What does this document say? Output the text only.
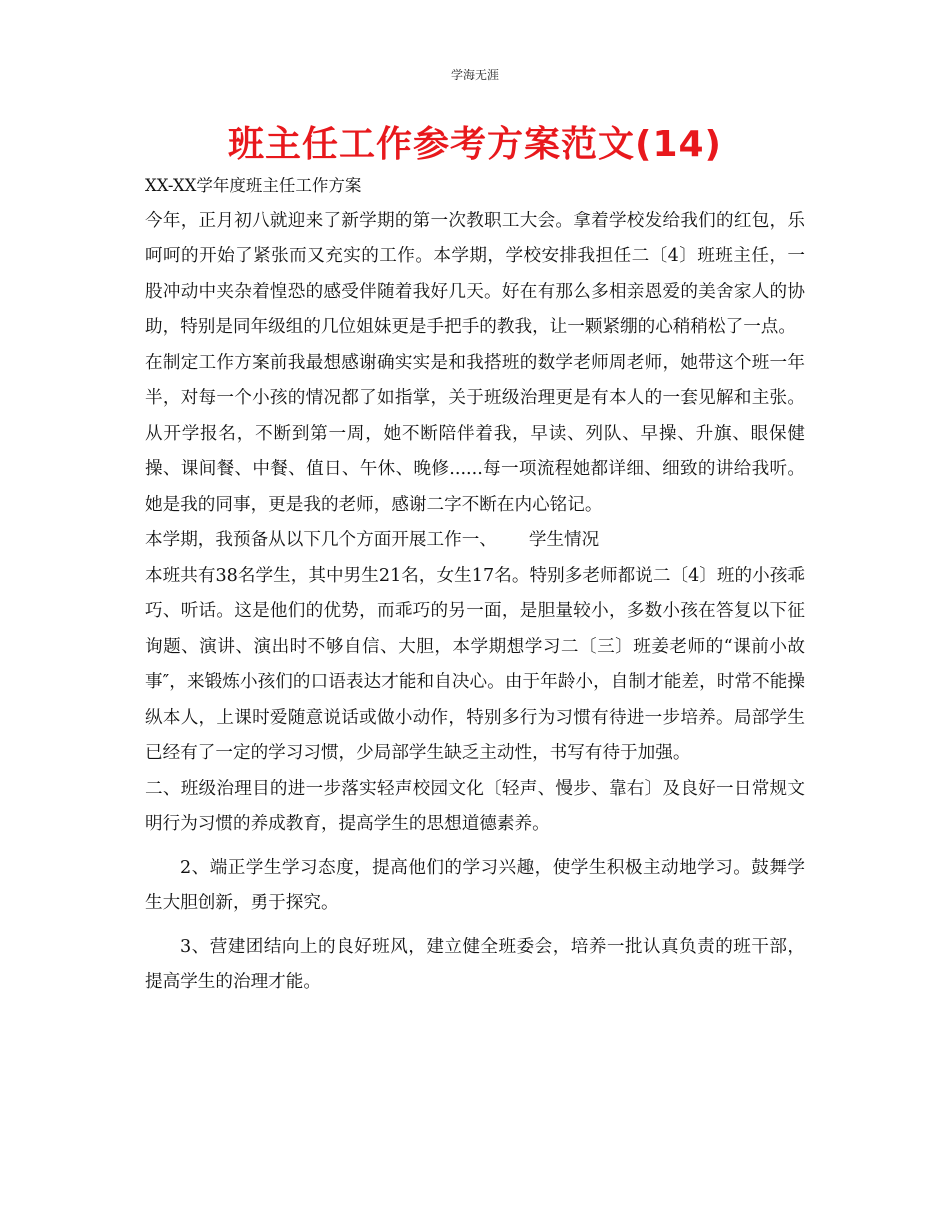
学海无涯
班主任工作参考方案范文(14)

XX-XX学年度班主任工作方案

今年，正月初八就迎来了新学期的第一次教职工大会。拿着学校发给我们的红包，乐呵呵的开始了紧张而又充实的工作。本学期，学校安排我担任二〔4〕班班主任，一股冲动中夹杂着惶恐的感受伴随着我好几天。好在有那么多相亲恩爱的美舍家人的协助，特别是同年级组的几位姐妹更是手把手的教我，让一颗紧绷的心稍稍松了一点。

在制定工作方案前我最想感谢确实实是和我搭班的数学老师周老师，她带这个班一年半，对每一个小孩的情况都了如指掌，关于班级治理更是有本人的一套见解和主张。从开学报名，不断到第一周，她不断陪伴着我，早读、列队、早操、升旗、眼保健操、课间餐、中餐、值日、午休、晚修......每一项流程她都详细、细致的讲给我听。她是我的同事，更是我的老师，感谢二字不断在内心铭记。

本学期，我预备从以下几个方面开展工作一、　　 学生情况

本班共有38名学生，其中男生21名，女生17名。特别多老师都说二〔4〕班的小孩乖巧、听话。这是他们的优势，而乖巧的另一面，是胆量较小，多数小孩在答复以下征询题、演讲、演出时不够自信、大胆，本学期想学习二〔三〕班姜老师的“课前小故事″，来锻炼小孩们的口语表达才能和自决心。由于年龄小，自制才能差，时常不能操纵本人，上课时爱随意说话或做小动作，特别多行为习惯有待进一步培养。局部学生已经有了一定的学习习惯，少局部学生缺乏主动性，书写有待于加强。

二、班级治理目的进一步落实轻声校园文化〔轻声、慢步、靠右〕及良好一日常规文明行为习惯的养成教育，提高学生的思想道德素养。

2、端正学生学习态度，提高他们的学习兴趣，使学生积极主动地学习。鼓舞学生大胆创新，勇于探究。

3、营建团结向上的良好班风，建立健全班委会，培养一批认真负责的班干部，提高学生的治理才能。
